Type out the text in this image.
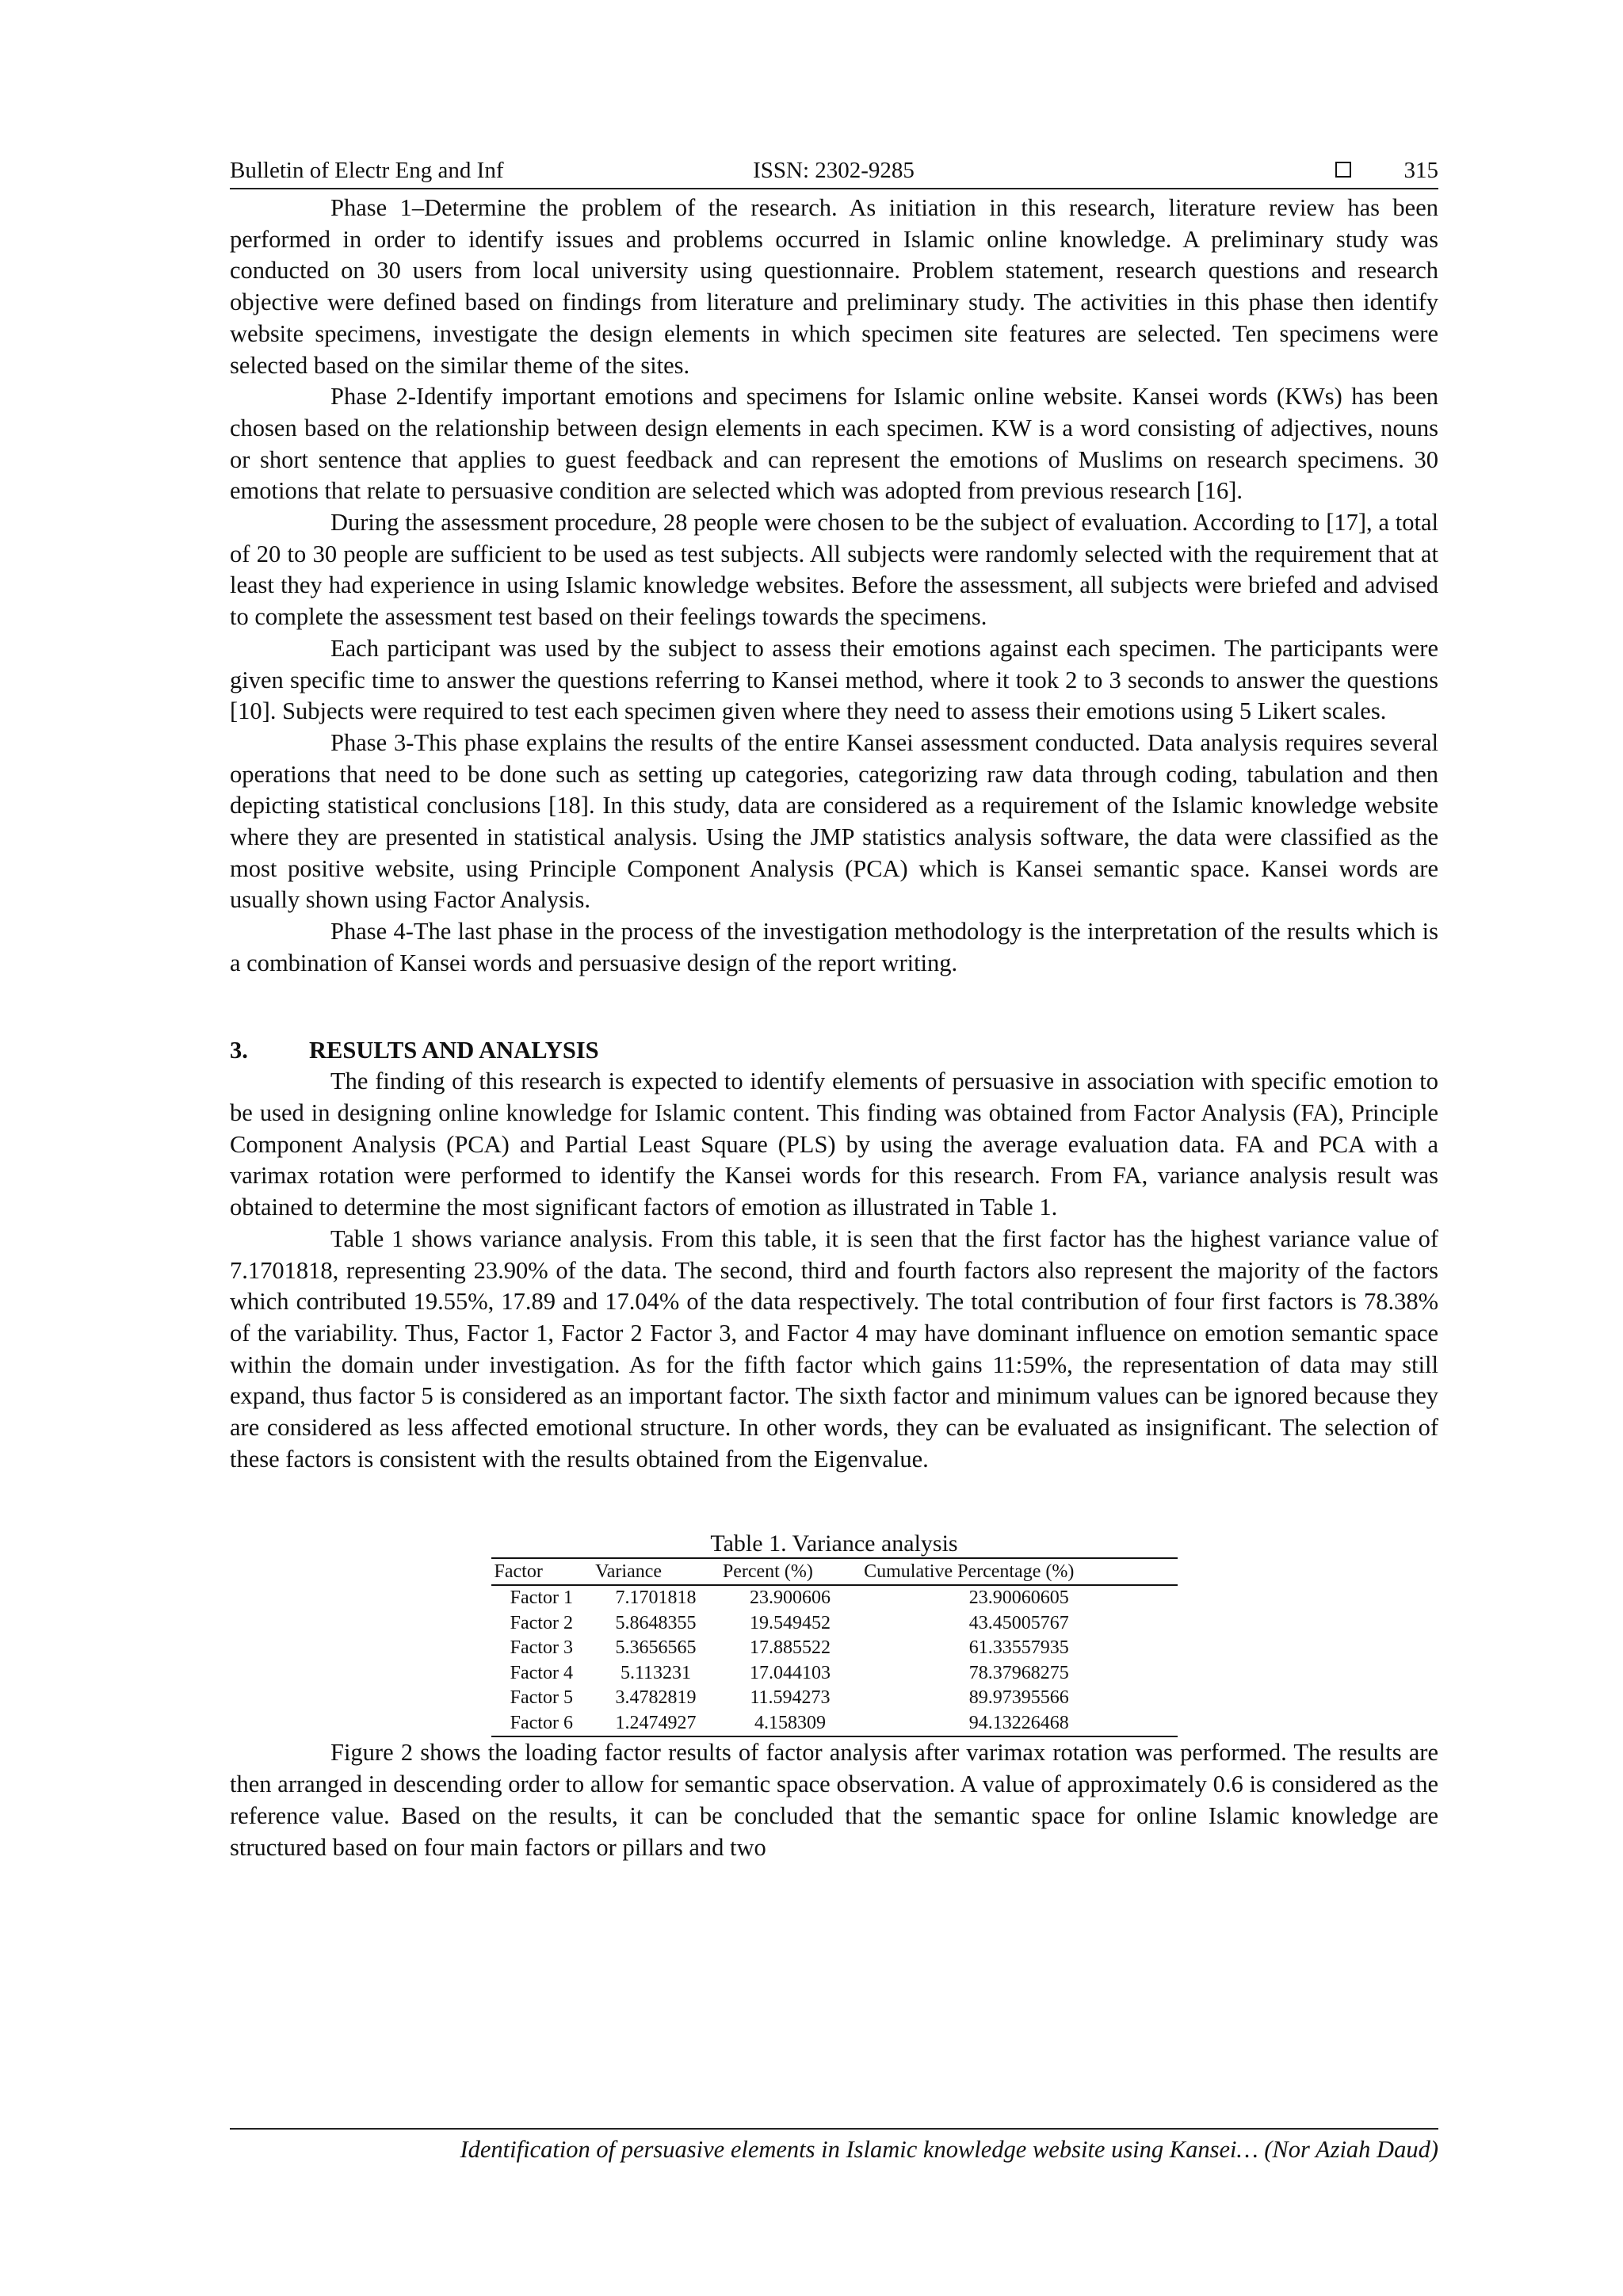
Bulletin of Electr Eng and Inf	ISSN: 2302-9285	315

Phase 1–Determine the problem of the research. As initiation in this research, literature review has been performed in order to identify issues and problems occurred in Islamic online knowledge. A preliminary study was conducted on 30 users from local university using questionnaire. Problem statement, research questions and research objective were defined based on findings from literature and preliminary study. The activities in this phase then identify website specimens, investigate the design elements in which specimen site features are selected. Ten specimens were selected based on the similar theme of the sites.

Phase 2-Identify important emotions and specimens for Islamic online website. Kansei words (KWs) has been chosen based on the relationship between design elements in each specimen. KW is a word consisting of adjectives, nouns or short sentence that applies to guest feedback and can represent the emotions of Muslims on research specimens. 30 emotions that relate to persuasive condition are selected which was adopted from previous research [16].

During the assessment procedure, 28 people were chosen to be the subject of evaluation. According to [17], a total of 20 to 30 people are sufficient to be used as test subjects. All subjects were randomly selected with the requirement that at least they had experience in using Islamic knowledge websites. Before the assessment, all subjects were briefed and advised to complete the assessment test based on their feelings towards the specimens.

Each participant was used by the subject to assess their emotions against each specimen. The participants were given specific time to answer the questions referring to Kansei method, where it took 2 to 3 seconds to answer the questions [10]. Subjects were required to test each specimen given where they need to assess their emotions using 5 Likert scales.

Phase 3-This phase explains the results of the entire Kansei assessment conducted. Data analysis requires several operations that need to be done such as setting up categories, categorizing raw data through coding, tabulation and then depicting statistical conclusions [18]. In this study, data are considered as a requirement of the Islamic knowledge website where they are presented in statistical analysis. Using the JMP statistics analysis software, the data were classified as the most positive website, using Principle Component Analysis (PCA) which is Kansei semantic space. Kansei words are usually shown using Factor Analysis.

Phase 4-The last phase in the process of the investigation methodology is the interpretation of the results which is a combination of Kansei words and persuasive design of the report writing.

3.	RESULTS AND ANALYSIS

The finding of this research is expected to identify elements of persuasive in association with specific emotion to be used in designing online knowledge for Islamic content. This finding was obtained from Factor Analysis (FA), Principle Component Analysis (PCA) and Partial Least Square (PLS) by using the average evaluation data. FA and PCA with a varimax rotation were performed to identify the Kansei words for this research. From FA, variance analysis result was obtained to determine the most significant factors of emotion as illustrated in Table 1.

Table 1 shows variance analysis. From this table, it is seen that the first factor has the highest variance value of 7.1701818, representing 23.90% of the data. The second, third and fourth factors also represent the majority of the factors which contributed 19.55%, 17.89 and 17.04% of the data respectively. The total contribution of four first factors is 78.38% of the variability. Thus, Factor 1, Factor 2 Factor 3, and Factor 4 may have dominant influence on emotion semantic space within the domain under investigation. As for the fifth factor which gains 11:59%, the representation of data may still expand, thus factor 5 is considered as an important factor. The sixth factor and minimum values can be ignored because they are considered as less affected emotional structure. In other words, they can be evaluated as insignificant. The selection of these factors is consistent with the results obtained from the Eigenvalue.

Table 1. Variance analysis
Factor	Variance	Percent (%)	Cumulative Percentage (%)
Factor 1	7.1701818	23.900606	23.90060605
Factor 2	5.8648355	19.549452	43.45005767
Factor 3	5.3656565	17.885522	61.33557935
Factor 4	5.113231	17.044103	78.37968275
Factor 5	3.4782819	11.594273	89.97395566
Factor 6	1.2474927	4.158309	94.13226468

Figure 2 shows the loading factor results of factor analysis after varimax rotation was performed. The results are then arranged in descending order to allow for semantic space observation. A value of approximately 0.6 is considered as the reference value. Based on the results, it can be concluded that the semantic space for online Islamic knowledge are structured based on four main factors or pillars and two

Identification of persuasive elements in Islamic knowledge website using Kansei… (Nor Aziah Daud)
